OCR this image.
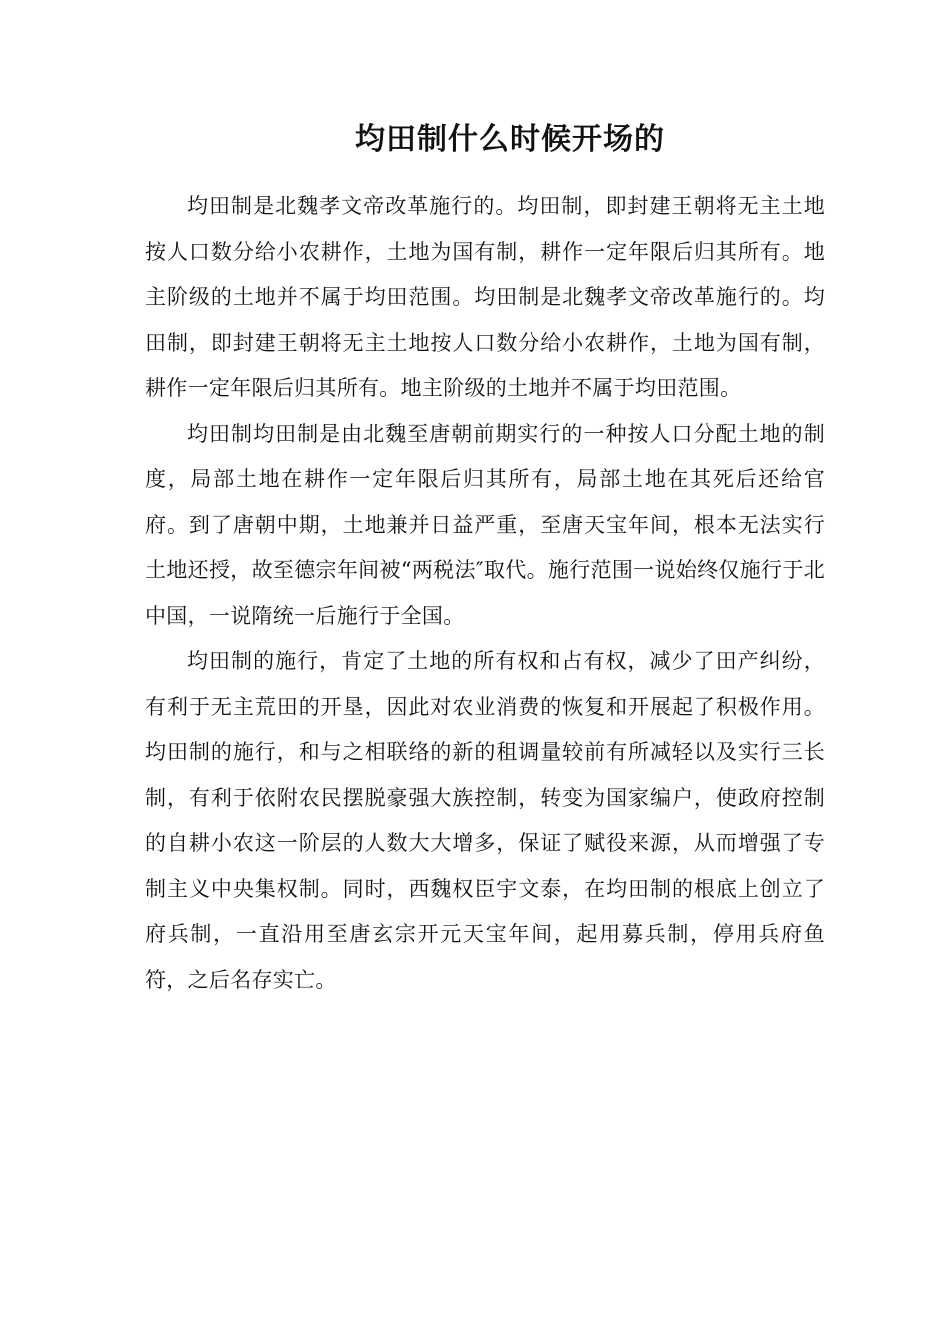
均田制什么时候开场的

均田制是北魏孝文帝改革施行的。均田制，即封建王朝将无主土地按人口数分给小农耕作，土地为国有制，耕作一定年限后归其所有。地主阶级的土地并不属于均田范围。均田制是北魏孝文帝改革施行的。均田制，即封建王朝将无主土地按人口数分给小农耕作，土地为国有制，耕作一定年限后归其所有。地主阶级的土地并不属于均田范围。

均田制均田制是由北魏至唐朝前期实行的一种按人口分配土地的制度，局部土地在耕作一定年限后归其所有，局部土地在其死后还给官府。到了唐朝中期，土地兼并日益严重，至唐天宝年间，根本无法实行土地还授，故至德宗年间被“两税法″取代。施行范围一说始终仅施行于北中国，一说隋统一后施行于全国。

均田制的施行，肯定了土地的所有权和占有权，减少了田产纠纷，有利于无主荒田的开垦，因此对农业消费的恢复和开展起了积极作用。均田制的施行，和与之相联络的新的租调量较前有所减轻以及实行三长制，有利于依附农民摆脱豪强大族控制，转变为国家编户，使政府控制的自耕小农这一阶层的人数大大增多，保证了赋役来源，从而增强了专制主义中央集权制。同时，西魏权臣宇文泰，在均田制的根底上创立了府兵制，一直沿用至唐玄宗开元天宝年间，起用募兵制，停用兵府鱼符，之后名存实亡。
